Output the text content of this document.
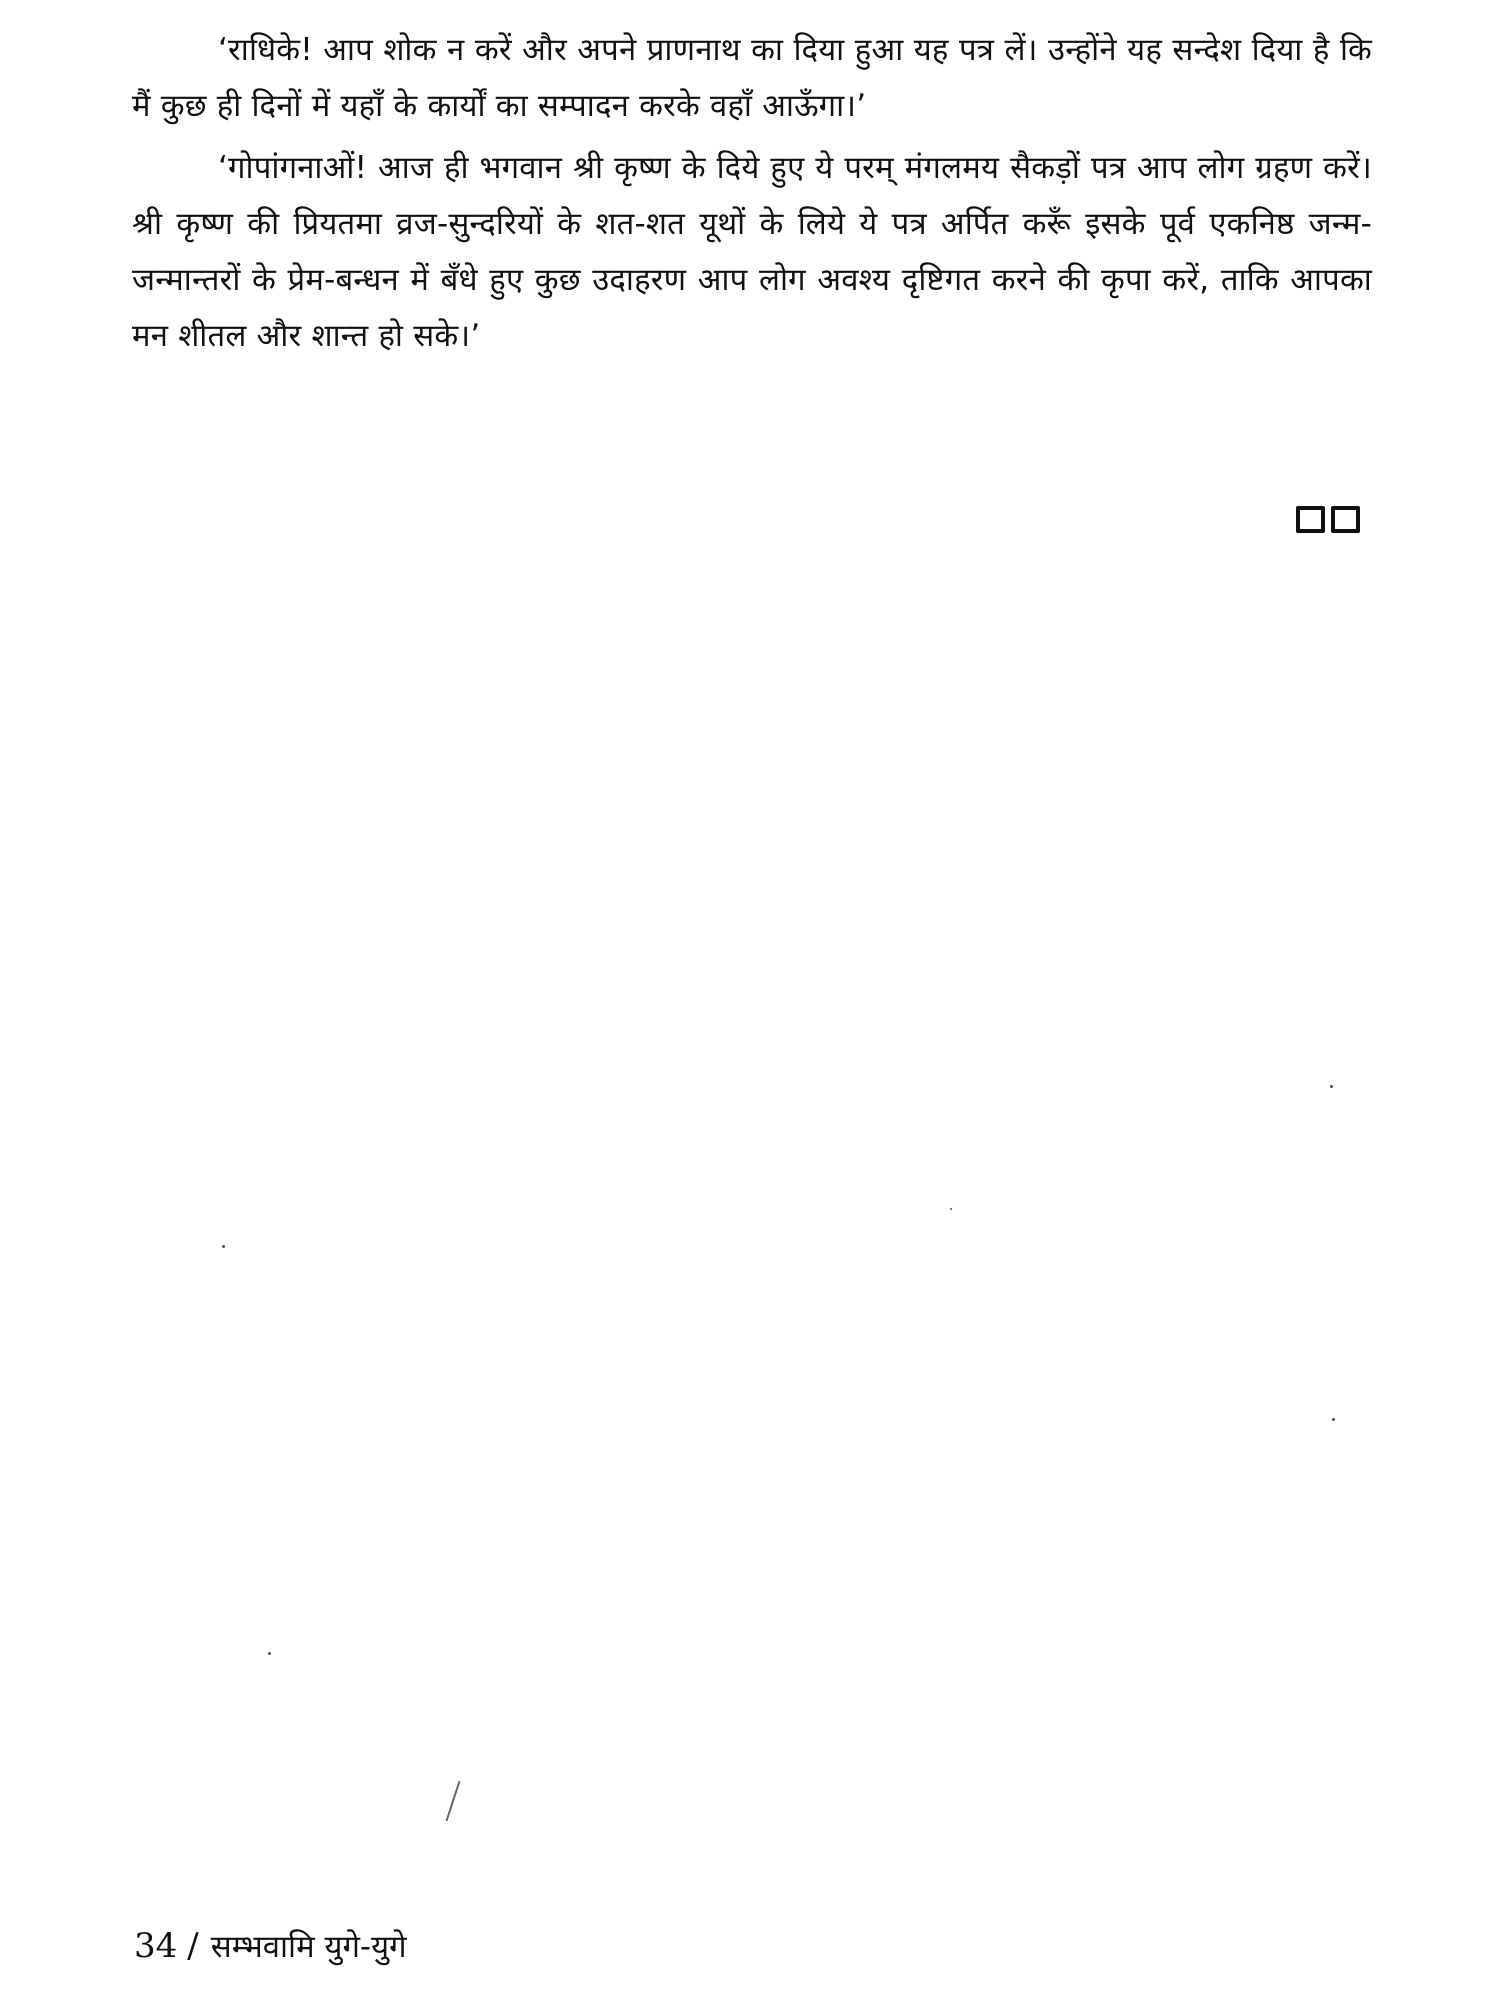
‘राधिके! आप शोक न करें और अपने प्राणनाथ का दिया हुआ यह पत्र लें। उन्होंने यह सन्देश दिया है कि मैं कुछ ही दिनों में यहाँ के कार्यों का सम्पादन करके वहाँ आऊँगा।’

‘गोपांगनाओं! आज ही भगवान श्री कृष्ण के दिये हुए ये परम् मंगलमय सैकड़ों पत्र आप लोग ग्रहण करें। श्री कृष्ण की प्रियतमा व्रज-सुन्दरियों के शत-शत यूथों के लिये ये पत्र अर्पित करूँ इसके पूर्व एकनिष्ठ जन्म-जन्मान्तरों के प्रेम-बन्धन में बँधे हुए कुछ उदाहरण आप लोग अवश्य दृष्टिगत करने की कृपा करें, ताकि आपका मन शीतल और शान्त हो सके।’

34 / सम्भवामि युगे-युगे
